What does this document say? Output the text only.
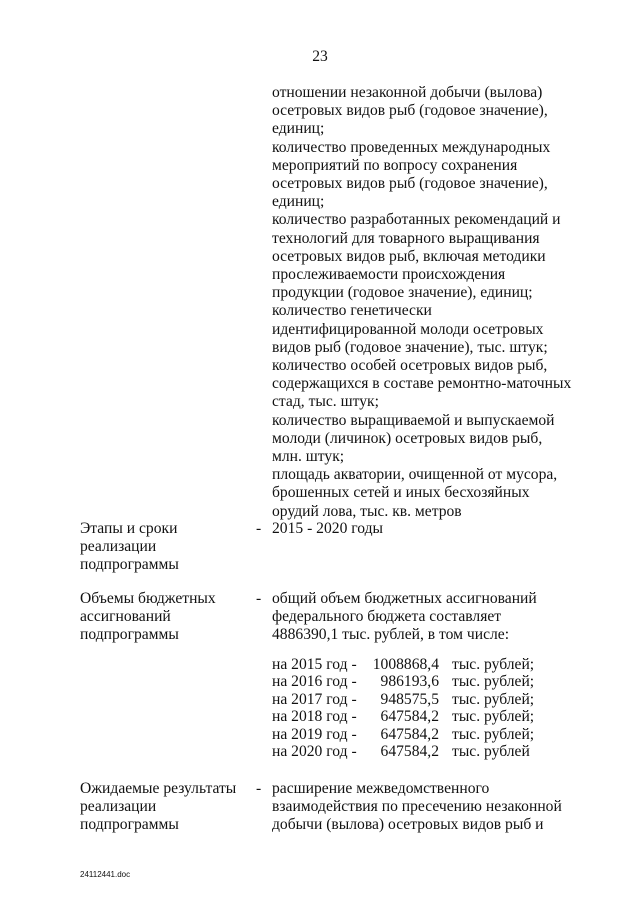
23
отношении незаконной добычи (вылова)
осетровых видов рыб (годовое значение),
единиц;
количество проведенных международных
мероприятий по вопросу сохранения
осетровых видов рыб (годовое значение),
единиц;
количество разработанных рекомендаций и
технологий для товарного выращивания
осетровых видов рыб, включая методики
прослеживаемости происхождения
продукции (годовое значение), единиц;
количество генетически
идентифицированной молоди осетровых
видов рыб (годовое значение), тыс. штук;
количество особей осетровых видов рыб,
содержащихся в составе ремонтно-маточных
стад, тыс. штук;
количество выращиваемой и выпускаемой
молоди (личинок) осетровых видов рыб,
млн. штук;
площадь акватории, очищенной от мусора,
брошенных сетей и иных бесхозяйных
орудий лова, тыс. кв. метров
Этапы и сроки
реализации
подпрограммы
- 2015 - 2020 годы
Объемы бюджетных
ассигнований
подпрограммы
- общий объем бюджетных ассигнований
федерального бюджета составляет
4886390,1 тыс. рублей, в том числе:
на 2015 год -	1008868,4	тыс. рублей;
на 2016 год -	986193,6	тыс. рублей;
на 2017 год -	948575,5	тыс. рублей;
на 2018 год -	647584,2	тыс. рублей;
на 2019 год -	647584,2	тыс. рублей;
на 2020 год -	647584,2	тыс. рублей
Ожидаемые результаты
реализации
подпрограммы
- расширение межведомственного
взаимодействия по пресечению незаконной
добычи (вылова) осетровых видов рыб и
24112441.doc
